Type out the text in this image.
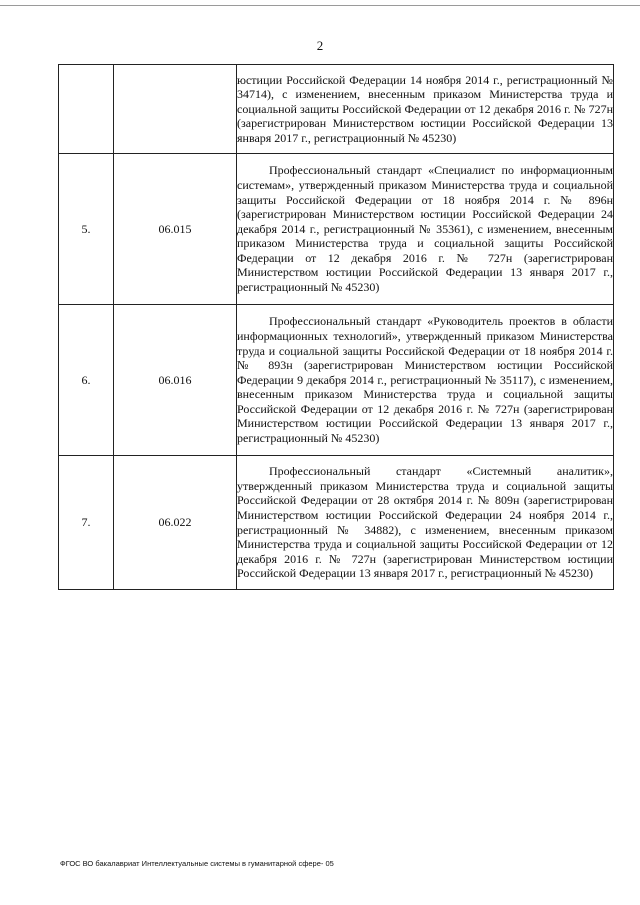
2

		юстиции Российской Федерации 14 ноября 2014 г., регистрационный № 34714), с изменением, внесенным приказом Министерства труда и социальной защиты Российской Федерации от 12 декабря 2016 г. № 727н (зарегистрирован Министерством юстиции Российской Федерации 13 января 2017 г., регистрационный № 45230)

5.	06.015	Профессиональный стандарт «Специалист по информационным системам», утвержденный приказом Министерства труда и социальной защиты Российской Федерации от 18 ноября 2014 г. № 896н (зарегистрирован Министерством юстиции Российской Федерации 24 декабря 2014 г., регистрационный № 35361), с изменением, внесенным приказом Министерства труда и социальной защиты Российской Федерации от 12 декабря 2016 г. № 727н (зарегистрирован Министерством юстиции Российской Федерации 13 января 2017 г., регистрационный № 45230)

6.	06.016	Профессиональный стандарт «Руководитель проектов в области информационных технологий», утвержденный приказом Министерства труда и социальной защиты Российской Федерации от 18 ноября 2014 г. № 893н (зарегистрирован Министерством юстиции Российской Федерации 9 декабря 2014 г., регистрационный № 35117), с изменением, внесенным приказом Министерства труда и социальной защиты Российской Федерации от 12 декабря 2016 г. № 727н (зарегистрирован Министерством юстиции Российской Федерации 13 января 2017 г., регистрационный № 45230)

7.	06.022	Профессиональный стандарт «Системный аналитик», утвержденный приказом Министерства труда и социальной защиты Российской Федерации от 28 октября 2014 г. № 809н (зарегистрирован Министерством юстиции Российской Федерации 24 ноября 2014 г., регистрационный № 34882), с изменением, внесенным приказом Министерства труда и социальной защиты Российской Федерации от 12 декабря 2016 г. № 727н (зарегистрирован Министерством юстиции Российской Федерации 13 января 2017 г., регистрационный № 45230)

ФГОС ВО бакалавриат Интеллектуальные системы в гуманитарной сфере- 05
